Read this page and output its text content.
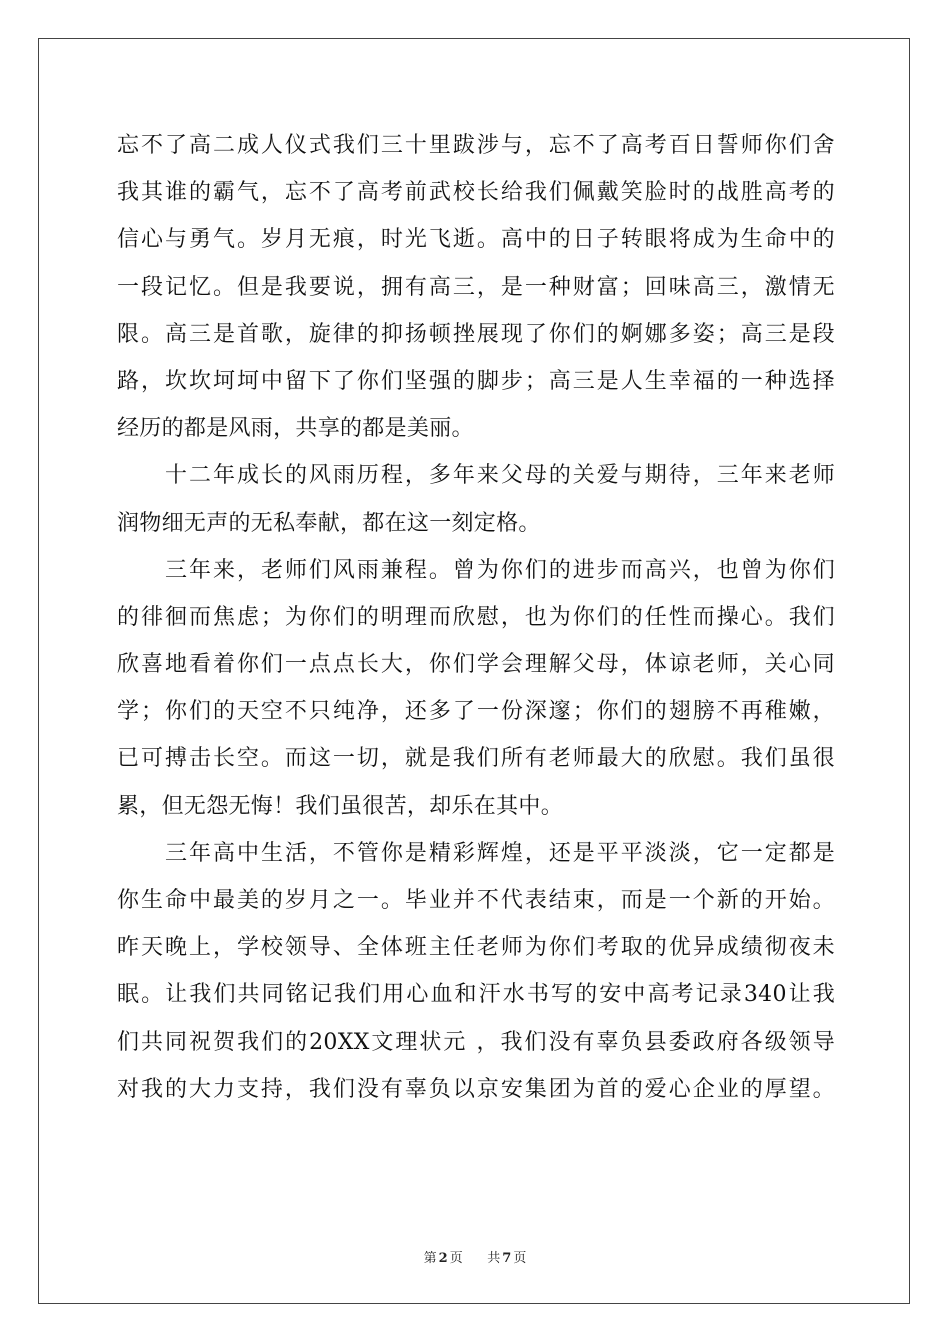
忘不了高二成人仪式我们三十里跋涉与，忘不了高考百日誓师你们舍
我其谁的霸气，忘不了高考前武校长给我们佩戴笑脸时的战胜高考的
信心与勇气。岁月无痕，时光飞逝。高中的日子转眼将成为生命中的
一段记忆。但是我要说，拥有高三，是一种财富；回味高三，激情无
限。高三是首歌，旋律的抑扬顿挫展现了你们的婀娜多姿；高三是段
路，坎坎坷坷中留下了你们坚强的脚步；高三是人生幸福的一种选择
经历的都是风雨，共享的都是美丽。
十二年成长的风雨历程，多年来父母的关爱与期待，三年来老师
润物细无声的无私奉献，都在这一刻定格。
三年来，老师们风雨兼程。曾为你们的进步而高兴，也曾为你们
的徘徊而焦虑；为你们的明理而欣慰，也为你们的任性而操心。我们
欣喜地看着你们一点点长大，你们学会理解父母，体谅老师，关心同
学；你们的天空不只纯净，还多了一份深邃；你们的翅膀不再稚嫩，
已可搏击长空。而这一切，就是我们所有老师最大的欣慰。我们虽很
累，但无怨无悔！我们虽很苦，却乐在其中。
三年高中生活，不管你是精彩辉煌，还是平平淡淡，它一定都是
你生命中最美的岁月之一。毕业并不代表结束，而是一个新的开始。
昨天晚上，学校领导、全体班主任老师为你们考取的优异成绩彻夜未
眠。让我们共同铭记我们用心血和汗水书写的安中高考记录340让我
们共同祝贺我们的20XX文理状元 ，我们没有辜负县委政府各级领导
对我的大力支持，我们没有辜负以京安集团为首的爱心企业的厚望。
第 2 页 共 7 页
